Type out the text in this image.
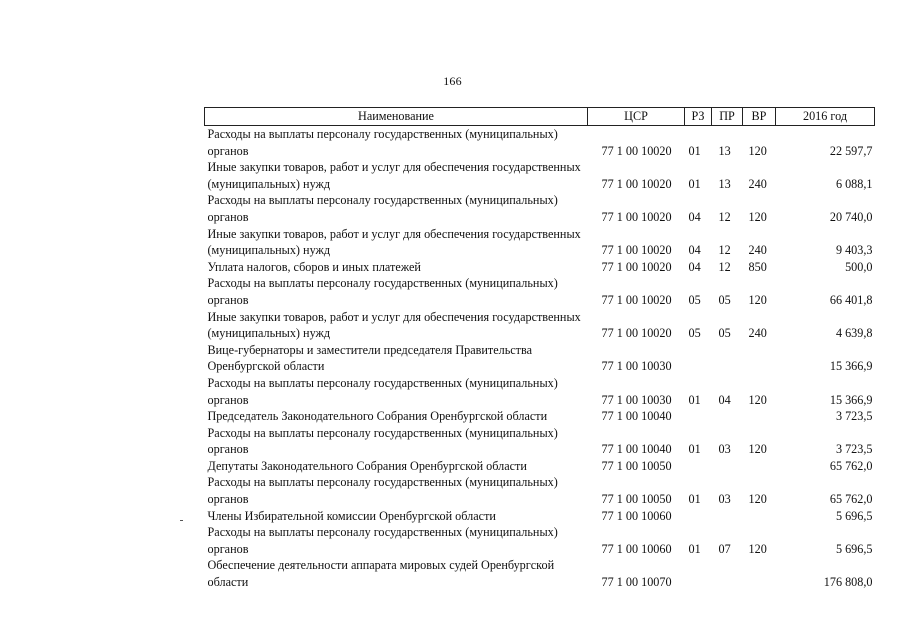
166
Наименование	ЦСР	РЗ	ПР	ВР	2016 год
Расходы на выплаты персоналу государственных (муниципальных) органов	77 1 00 10020	01	13	120	22 597,7
Иные закупки товаров, работ и услуг для обеспечения государственных (муниципальных) нужд	77 1 00 10020	01	13	240	6 088,1
Расходы на выплаты персоналу государственных (муниципальных) органов	77 1 00 10020	04	12	120	20 740,0
Иные закупки товаров, работ и услуг для обеспечения государственных (муниципальных) нужд	77 1 00 10020	04	12	240	9 403,3
Уплата налогов, сборов и иных платежей	77 1 00 10020	04	12	850	500,0
Расходы на выплаты персоналу государственных (муниципальных) органов	77 1 00 10020	05	05	120	66 401,8
Иные закупки товаров, работ и услуг для обеспечения государственных (муниципальных) нужд	77 1 00 10020	05	05	240	4 639,8
Вице-губернаторы и заместители председателя Правительства Оренбургской области	77 1 00 10030				15 366,9
Расходы на выплаты персоналу государственных (муниципальных) органов	77 1 00 10030	01	04	120	15 366,9
Председатель Законодательного Собрания Оренбургской области	77 1 00 10040				3 723,5
Расходы на выплаты персоналу государственных (муниципальных) органов	77 1 00 10040	01	03	120	3 723,5
Депутаты Законодательного Собрания Оренбургской области	77 1 00 10050				65 762,0
Расходы на выплаты персоналу государственных (муниципальных) органов	77 1 00 10050	01	03	120	65 762,0
Члены Избирательной комиссии Оренбургской области	77 1 00 10060				5 696,5
Расходы на выплаты персоналу государственных (муниципальных) органов	77 1 00 10060	01	07	120	5 696,5
Обеспечение деятельности аппарата мировых судей Оренбургской области	77 1 00 10070				176 808,0
